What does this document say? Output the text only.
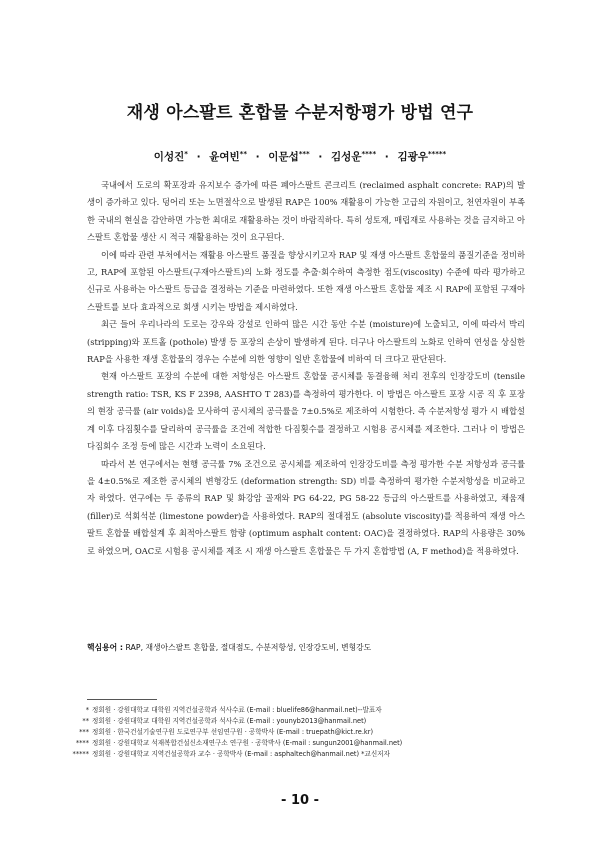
재생 아스팔트 혼합물 수분저항평가 방법 연구
이성진* · 윤여빈** · 이문섭*** · 김성운**** · 김광우*****

국내에서 도로의 확포장과 유지보수 증가에 따른 폐아스팔트 콘크리트 (reclaimed asphalt concrete: RAP)의 발생이 증가하고 있다. 덩어리 또는 노면절삭으로 발생된 RAP은 100% 재활용이 가능한 고급의 자원이고, 천연자원이 부족한 국내의 현실을 감안하면 가능한 최대로 재활용하는 것이 바람직하다. 특히 성토재, 매립재로 사용하는 것을 금지하고 아스팔트 혼합물 생산 시 적극 재활용하는 것이 요구된다.

이에 따라 관련 부처에서는 재활용 아스팔트 품질을 향상시키고자 RAP 및 재생 아스팔트 혼합물의 품질기준을 정비하고, RAP에 포함된 아스팔트(구재아스팔트)의 노화 정도를 추출·회수하여 측정한 점도(viscosity) 수준에 따라 평가하고 신규로 사용하는 아스팔트 등급을 결정하는 기준을 마련하였다. 또한 재생 아스팔트 혼합물 제조 시 RAP에 포함된 구재아스팔트를 보다 효과적으로 회생 시키는 방법을 제시하였다.

최근 들어 우리나라의 도로는 강우와 강설로 인하여 많은 시간 동안 수분 (moisture)에 노출되고, 이에 따라서 박리 (stripping)와 포트홀 (pothole) 발생 등 포장의 손상이 발생하게 된다. 더구나 아스팔트의 노화로 인하여 연성을 상실한 RAP을 사용한 재생 혼합물의 경우는 수분에 의한 영향이 일반 혼합물에 비하여 더 크다고 판단된다.

현재 아스팔트 포장의 수분에 대한 저항성은 아스팔트 혼합물 공시체를 동결융해 처리 전후의 인장강도비 (tensile strength ratio: TSR, KS F 2398, AASHTO T 283)를 측정하여 평가한다. 이 방법은 아스팔트 포장 시공 직 후 포장의 현장 공극률 (air voids)을 모사하여 공시체의 공극률을 7±0.5%로 제조하여 시험한다. 즉 수분저항성 평가 시 배합설계 이후 다짐횟수를 달리하여 공극률을 조건에 적합한 다짐횟수를 결정하고 시험용 공시체를 제조한다. 그러나 이 방법은 다짐회수 조정 등에 많은 시간과 노력이 소요된다.

따라서 본 연구에서는 현행 공극률 7% 조건으로 공시체를 제조하여 인장강도비를 측정 평가한 수분 저항성과 공극률을 4±0.5%로 제조한 공시체의 변형강도 (deformation strength: SD) 비를 측정하여 평가한 수분저항성을 비교하고자 하였다. 연구에는 두 종류의 RAP 및 화강암 골재와 PG 64-22, PG 58-22 등급의 아스팔트를 사용하였고, 채움재 (filler)로 석회석분 (limestone powder)을 사용하였다. RAP의 절대점도 (absolute viscosity)를 적용하여 재생 아스팔트 혼합물 배합설계 후 최적아스팔트 함량 (optimum asphalt content: OAC)을 결정하였다. RAP의 사용량은 30%로 하였으며, OAC로 시험용 공시체를 제조 시 재생 아스팔트 혼합물은 두 가지 혼합방법 (A, F method)을 적용하였다.

핵심용어 : RAP, 재생아스팔트 혼합물, 절대점도, 수분저항성, 인장강도비, 변형강도
* 정회원 · 강원대학교 대학원 지역건설공학과 석사수료 (E-mail : bluelife86@hanmail.net)--발표자
** 정회원 · 강원대학교 대학원 지역건설공학과 석사수료 (E-mail : younyb2013@hanmail.net)
*** 정회원 · 한국건설기술연구원 도로연구부 선임연구원 · 공학박사 (E-mail : truepath@kict.re.kr)
**** 정회원 · 강원대학교 석재복합건설신소재연구소 연구원 · 공학박사 (E-mail : sungun2001@hanmail.net)
***** 정회원 · 강원대학교 지역건설공학과 교수 · 공학박사 (E-mail : asphaltech@hanmail.net) *교신저자
- 10 -
